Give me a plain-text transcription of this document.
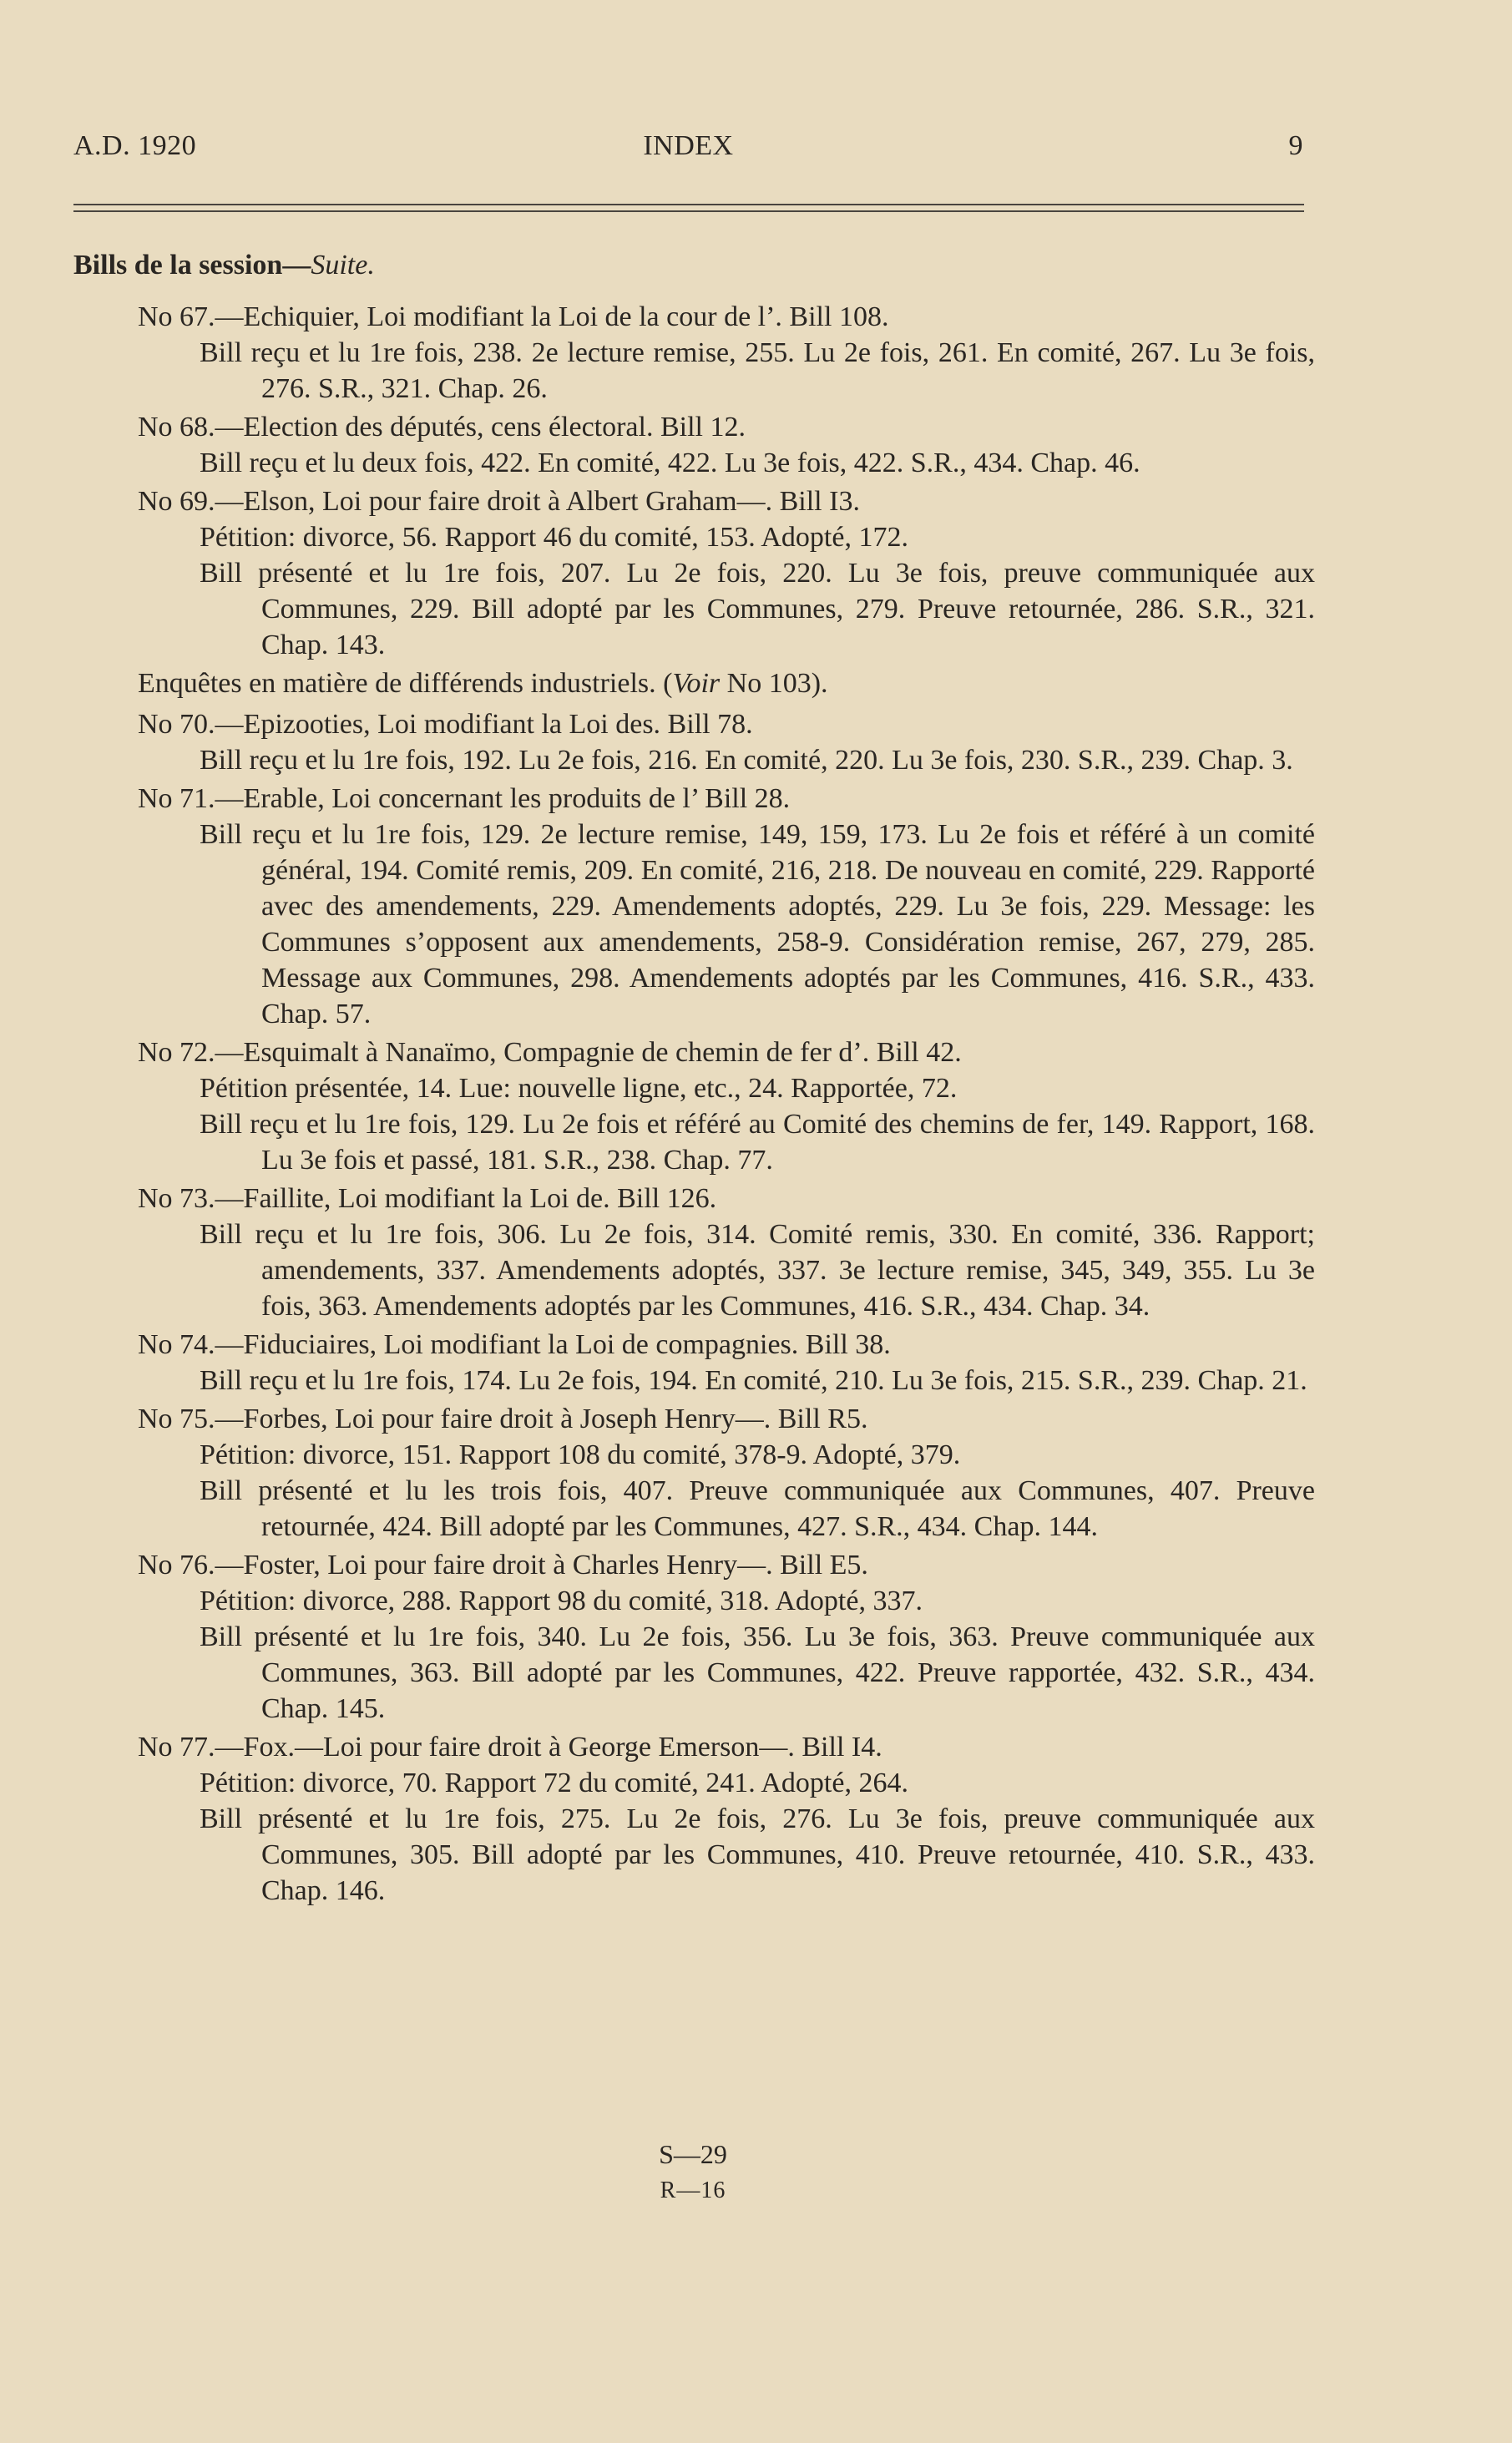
A.D. 1920	INDEX	9
Bills de la session—Suite.
No 67.—Echiquier, Loi modifiant la Loi de la cour de l’. Bill 108.
Bill reçu et lu 1re fois, 238. 2e lecture remise, 255. Lu 2e fois, 261. En comité, 267. Lu 3e fois, 276. S.R., 321. Chap. 26.
No 68.—Election des députés, cens électoral. Bill 12.
Bill reçu et lu deux fois, 422. En comité, 422. Lu 3e fois, 422. S.R., 434. Chap. 46.
No 69.—Elson, Loi pour faire droit à Albert Graham—. Bill I3.
Pétition: divorce, 56. Rapport 46 du comité, 153. Adopté, 172.
Bill présenté et lu 1re fois, 207. Lu 2e fois, 220. Lu 3e fois, preuve communiquée aux Communes, 229. Bill adopté par les Communes, 279. Preuve retournée, 286. S.R., 321. Chap. 143.
Enquêtes en matière de différends industriels. (Voir No 103).
No 70.—Epizooties, Loi modifiant la Loi des. Bill 78.
Bill reçu et lu 1re fois, 192. Lu 2e fois, 216. En comité, 220. Lu 3e fois, 230. S.R., 239. Chap. 3.
No 71.—Erable, Loi concernant les produits de l’ Bill 28.
Bill reçu et lu 1re fois, 129. 2e lecture remise, 149, 159, 173. Lu 2e fois et référé à un comité général, 194. Comité remis, 209. En comité, 216, 218. De nouveau en comité, 229. Rapporté avec des amendements, 229. Amendements adoptés, 229. Lu 3e fois, 229. Message: les Communes s’opposent aux amendements, 258-9. Considération remise, 267, 279, 285. Message aux Communes, 298. Amendements adoptés par les Communes, 416. S.R., 433. Chap. 57.
No 72.—Esquimalt à Nanaïmo, Compagnie de chemin de fer d’. Bill 42.
Pétition présentée, 14. Lue: nouvelle ligne, etc., 24. Rapportée, 72.
Bill reçu et lu 1re fois, 129. Lu 2e fois et référé au Comité des chemins de fer, 149. Rapport, 168. Lu 3e fois et passé, 181. S.R., 238. Chap. 77.
No 73.—Faillite, Loi modifiant la Loi de. Bill 126.
Bill reçu et lu 1re fois, 306. Lu 2e fois, 314. Comité remis, 330. En comité, 336. Rapport; amendements, 337. Amendements adoptés, 337. 3e lecture remise, 345, 349, 355. Lu 3e fois, 363. Amendements adoptés par les Communes, 416. S.R., 434. Chap. 34.
No 74.—Fiduciaires, Loi modifiant la Loi de compagnies. Bill 38.
Bill reçu et lu 1re fois, 174. Lu 2e fois, 194. En comité, 210. Lu 3e fois, 215. S.R., 239. Chap. 21.
No 75.—Forbes, Loi pour faire droit à Joseph Henry—. Bill R5.
Pétition: divorce, 151. Rapport 108 du comité, 378-9. Adopté, 379.
Bill présenté et lu les trois fois, 407. Preuve communiquée aux Communes, 407. Preuve retournée, 424. Bill adopté par les Communes, 427. S.R., 434. Chap. 144.
No 76.—Foster, Loi pour faire droit à Charles Henry—. Bill E5.
Pétition: divorce, 288. Rapport 98 du comité, 318. Adopté, 337.
Bill présenté et lu 1re fois, 340. Lu 2e fois, 356. Lu 3e fois, 363. Preuve communiquée aux Communes, 363. Bill adopté par les Communes, 422. Preuve rapportée, 432. S.R., 434. Chap. 145.
No 77.—Fox.—Loi pour faire droit à George Emerson—. Bill I4.
Pétition: divorce, 70. Rapport 72 du comité, 241. Adopté, 264.
Bill présenté et lu 1re fois, 275. Lu 2e fois, 276. Lu 3e fois, preuve communiquée aux Communes, 305. Bill adopté par les Communes, 410. Preuve retournée, 410. S.R., 433. Chap. 146.
S—29
R—16
